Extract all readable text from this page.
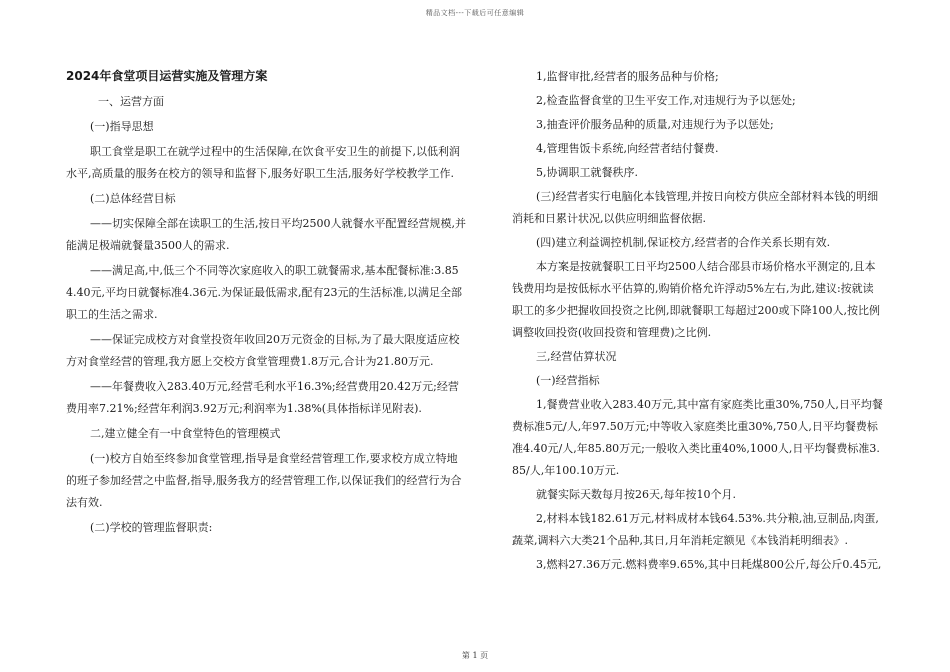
精品文档---下载后可任意编辑
2024年食堂项目运营实施及管理方案
一、运营方面

(一)指导思想

职工食堂是职工在就学过程中的生活保障,在饮食平安卫生的前提下,以低利润水平,高质量的服务在校方的领导和监督下,服务好职工生活,服务好学校教学工作.

(二)总体经营目标

——切实保障全部在读职工的生活,按日平均2500人就餐水平配置经营规模,并能满足极端就餐量3500人的需求.

——满足高,中,低三个不同等次家庭收入的职工就餐需求,基本配餐标准:3.854.40元,平均日就餐标准4.36元.为保证最低需求,配有23元的生活标准,以满足全部职工的生活之需求.

——保证完成校方对食堂投资年收回20万元资金的目标,为了最大限度适应校方对食堂经营的管理,我方愿上交校方食堂管理费1.8万元,合计为21.80万元.

——年餐费收入283.40万元,经营毛利水平16.3%;经营费用20.42万元;经营费用率7.21%;经营年利润3.92万元;利润率为1.38%(具体指标详见附表).

二,建立健全有一中食堂特色的管理模式

(一)校方自始至终参加食堂管理,指导是食堂经营管理工作,要求校方成立特地的班子参加经营之中监督,指导,服务我方的经营管理工作,以保证我们的经营行为合法有效.

(二)学校的管理监督职责:

1,监督审批,经营者的服务品种与价格;

2,检查监督食堂的卫生平安工作,对违规行为予以惩处;

3,抽查评价服务品种的质量,对违规行为予以惩处;

4,管理售饭卡系统,向经营者结付餐费.

5,协调职工就餐秩序.

(三)经营者实行电脑化本钱管理,并按日向校方供应全部材料本钱的明细消耗和日累计状况,以供应明细监督依据.

(四)建立利益调控机制,保证校方,经营者的合作关系长期有效.

本方案是按就餐职工日平均2500人结合邵县市场价格水平测定的,且本钱费用均是按低标水平估算的,购销价格允许浮动5%左右,为此,建议:按就读职工的多少把握收回投资之比例,即就餐职工每超过200或下降100人,按比例调整收回投资(收回投资和管理费)之比例.

三,经营估算状况

(一)经营指标

1,餐费营业收入283.40万元,其中富有家庭类比重30%,750人,日平均餐费标准5元/人,年97.50万元;中等收入家庭类比重30%,750人,日平均餐费标准4.40元/人,年85.80万元;一般收入类比重40%,1000人,日平均餐费标准3.85/人,年100.10万元.

就餐实际天数每月按26天,每年按10个月.

2,材料本钱182.61万元,材料成材本钱64.53%.共分粮,油,豆制品,肉蛋,蔬菜,调料六大类21个品种,其日,月年消耗定额见《本钱消耗明细表》.

3,燃料27.36万元.燃料费率9.65%,其中日耗煤800公斤,每公斤0.45元,

第 1 页
